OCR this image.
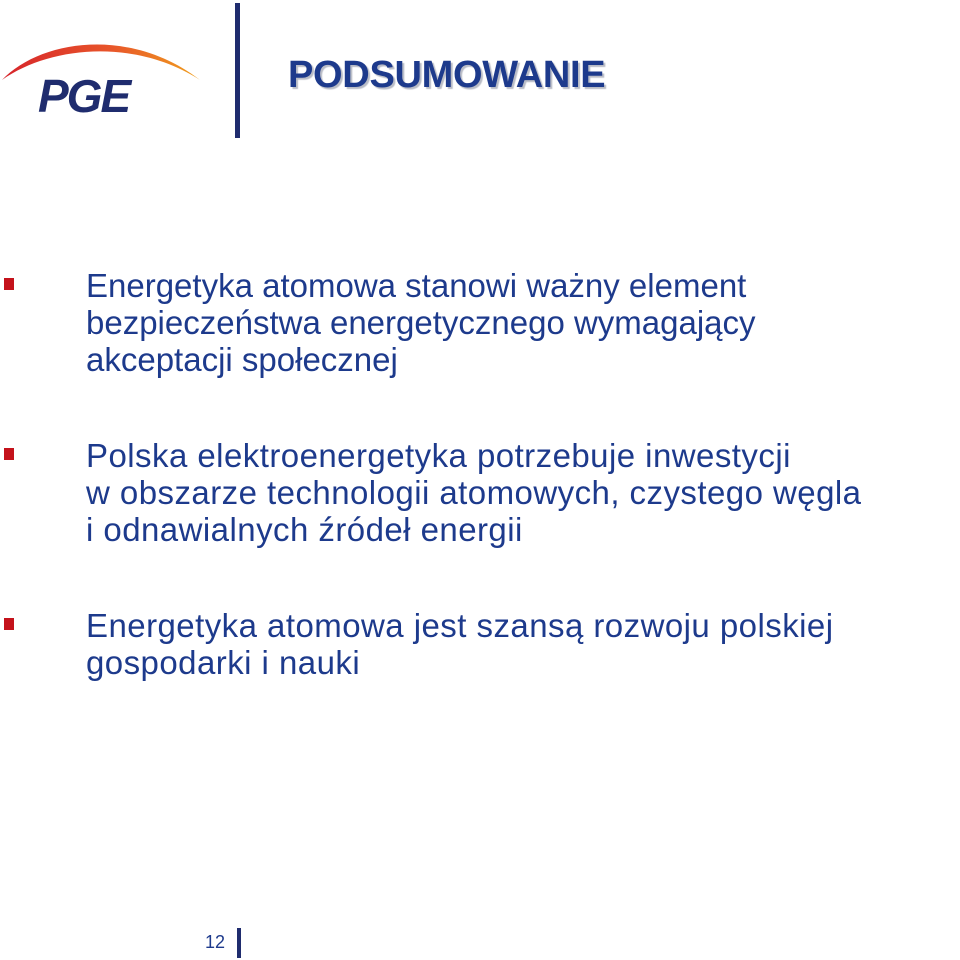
PGE	PODSUMOWANIE
Energetyka atomowa stanowi ważny element
bezpieczeństwa energetycznego wymagający
akceptacji społecznej
Polska elektroenergetyka potrzebuje inwestycji
w obszarze technologii atomowych, czystego węgla
i odnawialnych źródeł energii
Energetyka atomowa jest szansą rozwoju polskiej
gospodarki i nauki
12
